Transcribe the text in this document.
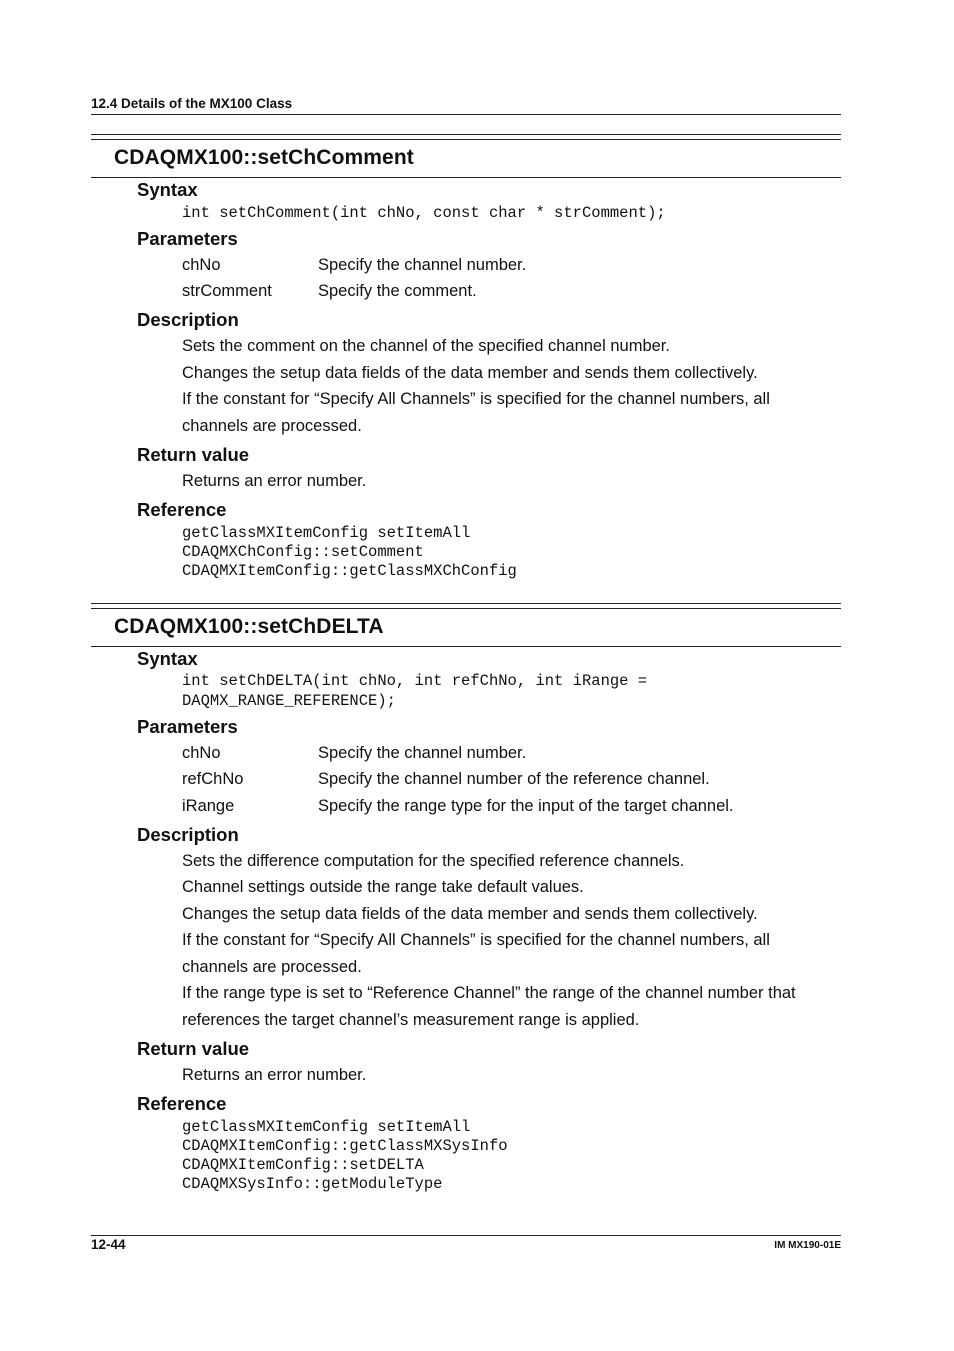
12.4 Details of the MX100 Class
CDAQMX100::setChComment
Syntax
int setChComment(int chNo, const char * strComment);
Parameters
chNo	Specify the channel number.
strComment	Specify the comment.
Description
Sets the comment on the channel of the specified channel number.
Changes the setup data fields of the data member and sends them collectively.
If the constant for “Specify All Channels” is specified for the channel numbers, all
channels are processed.
Return value
Returns an error number.
Reference
getClassMXItemConfig setItemAll
CDAQMXChConfig::setComment
CDAQMXItemConfig::getClassMXChConfig
CDAQMX100::setChDELTA
Syntax
int setChDELTA(int chNo, int refChNo, int iRange =
DAQMX_RANGE_REFERENCE);
Parameters
chNo	Specify the channel number.
refChNo	Specify the channel number of the reference channel.
iRange	Specify the range type for the input of the target channel.
Description
Sets the difference computation for the specified reference channels.
Channel settings outside the range take default values.
Changes the setup data fields of the data member and sends them collectively.
If the constant for “Specify All Channels” is specified for the channel numbers, all
channels are processed.
If the range type is set to “Reference Channel” the range of the channel number that
references the target channel’s measurement range is applied.
Return value
Returns an error number.
Reference
getClassMXItemConfig setItemAll
CDAQMXItemConfig::getClassMXSysInfo
CDAQMXItemConfig::setDELTA
CDAQMXSysInfo::getModuleType
12-44	IM MX190-01E
